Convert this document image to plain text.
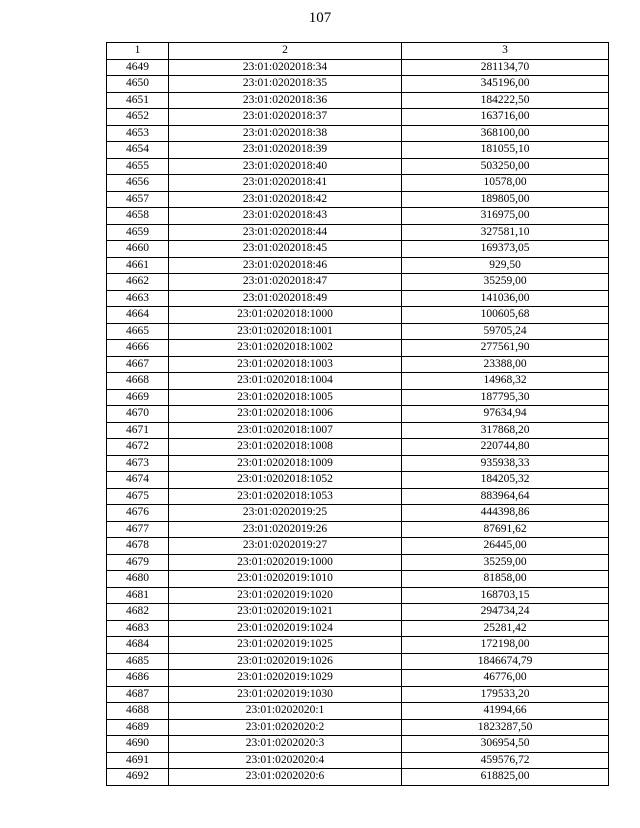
107
1	2	3
4649	23:01:0202018:34	281134,70
4650	23:01:0202018:35	345196,00
4651	23:01:0202018:36	184222,50
4652	23:01:0202018:37	163716,00
4653	23:01:0202018:38	368100,00
4654	23:01:0202018:39	181055,10
4655	23:01:0202018:40	503250,00
4656	23:01:0202018:41	10578,00
4657	23:01:0202018:42	189805,00
4658	23:01:0202018:43	316975,00
4659	23:01:0202018:44	327581,10
4660	23:01:0202018:45	169373,05
4661	23:01:0202018:46	929,50
4662	23:01:0202018:47	35259,00
4663	23:01:0202018:49	141036,00
4664	23:01:0202018:1000	100605,68
4665	23:01:0202018:1001	59705,24
4666	23:01:0202018:1002	277561,90
4667	23:01:0202018:1003	23388,00
4668	23:01:0202018:1004	14968,32
4669	23:01:0202018:1005	187795,30
4670	23:01:0202018:1006	97634,94
4671	23:01:0202018:1007	317868,20
4672	23:01:0202018:1008	220744,80
4673	23:01:0202018:1009	935938,33
4674	23:01:0202018:1052	184205,32
4675	23:01:0202018:1053	883964,64
4676	23:01:0202019:25	444398,86
4677	23:01:0202019:26	87691,62
4678	23:01:0202019:27	26445,00
4679	23:01:0202019:1000	35259,00
4680	23:01:0202019:1010	81858,00
4681	23:01:0202019:1020	168703,15
4682	23:01:0202019:1021	294734,24
4683	23:01:0202019:1024	25281,42
4684	23:01:0202019:1025	172198,00
4685	23:01:0202019:1026	1846674,79
4686	23:01:0202019:1029	46776,00
4687	23:01:0202019:1030	179533,20
4688	23:01:0202020:1	41994,66
4689	23:01:0202020:2	1823287,50
4690	23:01:0202020:3	306954,50
4691	23:01:0202020:4	459576,72
4692	23:01:0202020:6	618825,00
